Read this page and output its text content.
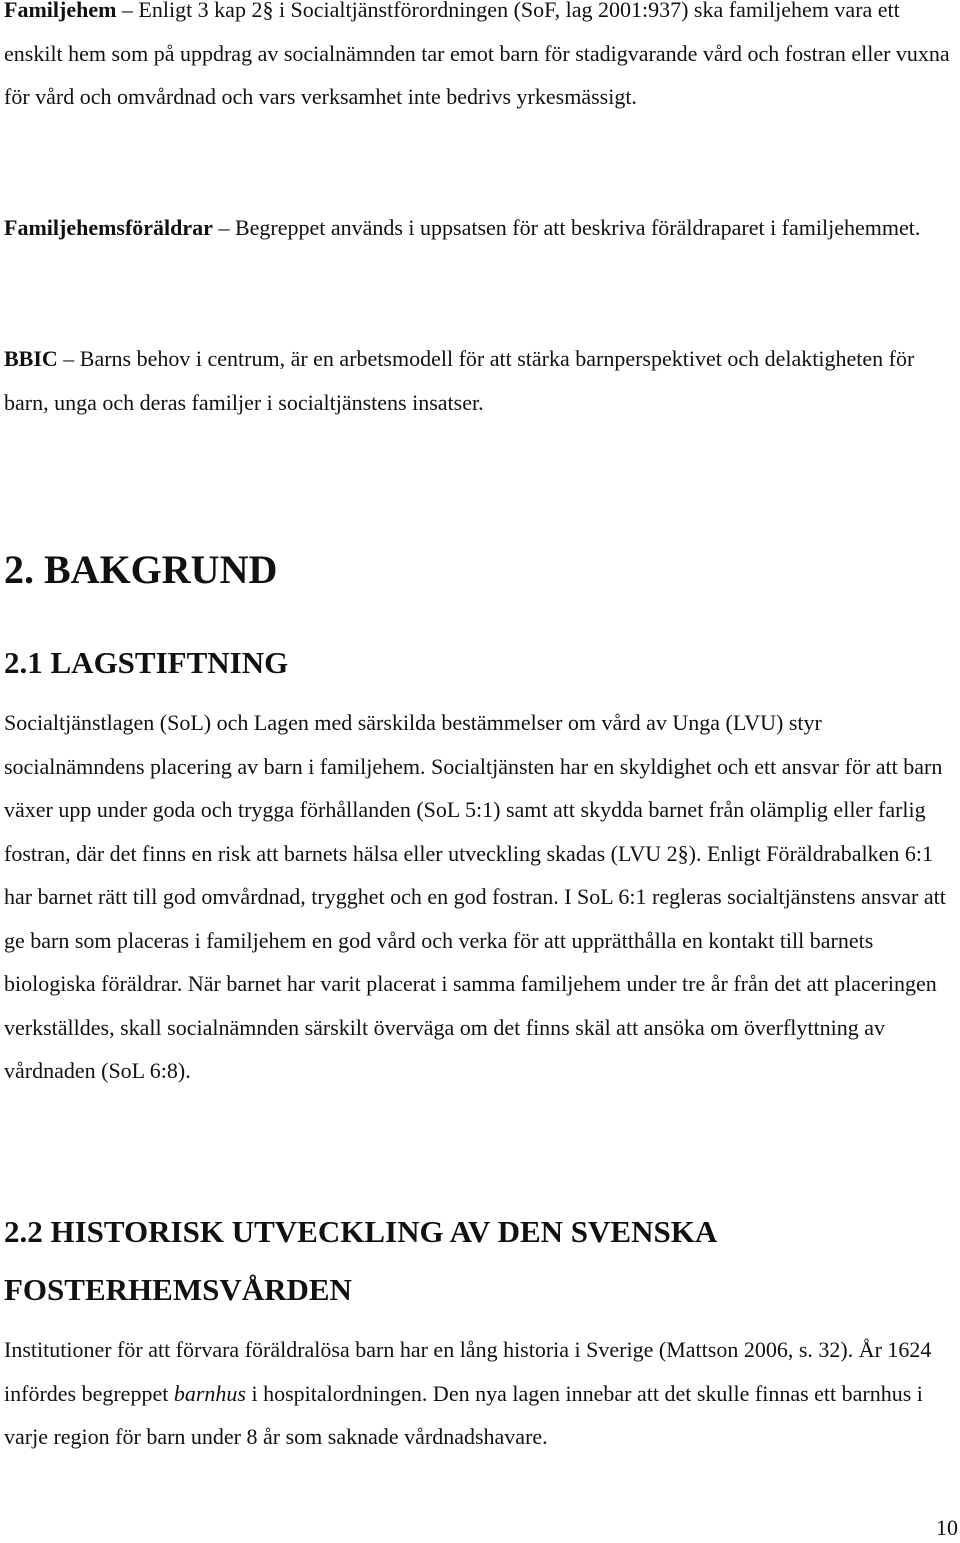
Familjehem – Enligt 3 kap 2§ i Socialtjänstförordningen (SoF, lag 2001:937) ska familjehem vara ett enskilt hem som på uppdrag av socialnämnden tar emot barn för stadigvarande vård och fostran eller vuxna för vård och omvårdnad och vars verksamhet inte bedrivs yrkesmässigt.

Familjehemsföräldrar – Begreppet används i uppsatsen för att beskriva föräldraparet i familjehemmet.

BBIC – Barns behov i centrum, är en arbetsmodell för att stärka barnperspektivet och delaktigheten för barn, unga och deras familjer i socialtjänstens insatser.

2. BAKGRUND
2.1 LAGSTIFTNING

Socialtjänstlagen (SoL) och Lagen med särskilda bestämmelser om vård av Unga (LVU) styr socialnämndens placering av barn i familjehem. Socialtjänsten har en skyldighet och ett ansvar för att barn växer upp under goda och trygga förhållanden (SoL 5:1) samt att skydda barnet från olämplig eller farlig fostran, där det finns en risk att barnets hälsa eller utveckling skadas (LVU 2§). Enligt Föräldrabalken 6:1 har barnet rätt till god omvårdnad, trygghet och en god fostran. I SoL 6:1 regleras socialtjänstens ansvar att ge barn som placeras i familjehem en god vård och verka för att upprätthålla en kontakt till barnets biologiska föräldrar. När barnet har varit placerat i samma familjehem under tre år från det att placeringen verkställdes, skall socialnämnden särskilt överväga om det finns skäl att ansöka om överflyttning av vårdnaden (SoL 6:8).

2.2 HISTORISK UTVECKLING AV DEN SVENSKA FOSTERHEMSVÅRDEN

Institutioner för att förvara föräldralösa barn har en lång historia i Sverige (Mattson 2006, s. 32). År 1624 infördes begreppet barnhus i hospitalordningen. Den nya lagen innebar att det skulle finnas ett barnhus i varje region för barn under 8 år som saknade vårdnadshavare.

10
